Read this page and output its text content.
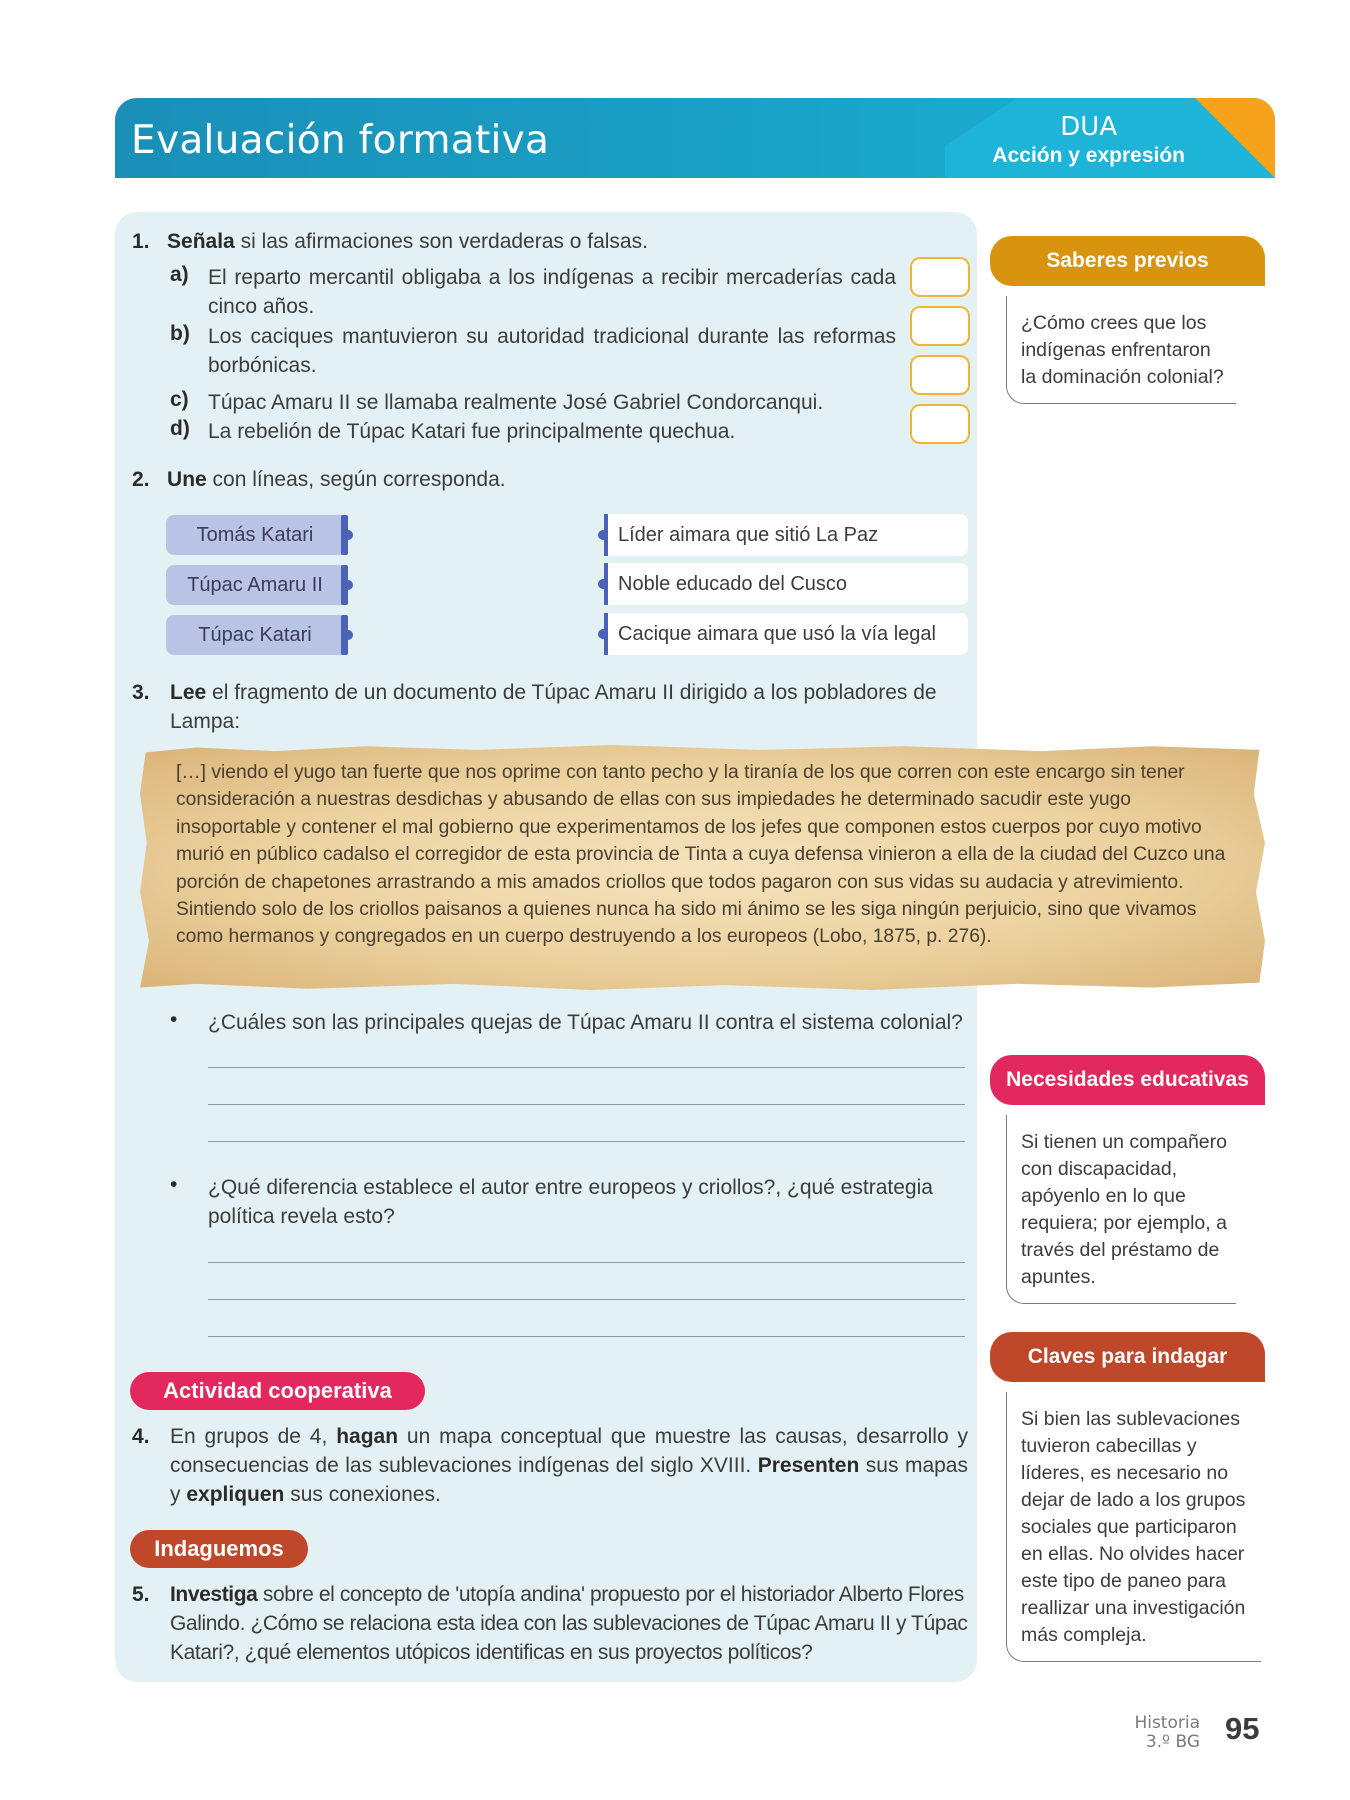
Evaluación formativa	DUA
Acción y expresión
1. Señala si las afirmaciones son verdaderas o falsas.
a) El reparto mercantil obligaba a los indígenas a recibir mercaderías cada cinco años.
b) Los caciques mantuvieron su autoridad tradicional durante las reformas borbónicas.
c) Túpac Amaru II se llamaba realmente José Gabriel Condorcanqui.
d) La rebelión de Túpac Katari fue principalmente quechua.
2. Une con líneas, según corresponda.
Tomás Katari
Túpac Amaru II
Túpac Katari
Líder aimara que sitió La Paz
Noble educado del Cusco
Cacique aimara que usó la vía legal
3. Lee el fragmento de un documento de Túpac Amaru II dirigido a los pobladores de Lampa:
[…] viendo el yugo tan fuerte que nos oprime con tanto pecho y la tiranía de los que corren con este encargo sin tener consideración a nuestras desdichas y abusando de ellas con sus impiedades he determinado sacudir este yugo insoportable y contener el mal gobierno que experimentamos de los jefes que componen estos cuerpos por cuyo motivo murió en público cadalso el corregidor de esta provincia de Tinta a cuya defensa vinieron a ella de la ciudad del Cuzco una porción de chapetones arrastrando a mis amados criollos que todos pagaron con sus vidas su audacia y atrevimiento. Sintiendo solo de los criollos paisanos a quienes nunca ha sido mi ánimo se les siga ningún perjuicio, sino que vivamos como hermanos y congregados en un cuerpo destruyendo a los europeos (Lobo, 1875, p. 276).
• ¿Cuáles son las principales quejas de Túpac Amaru II contra el sistema colonial?
• ¿Qué diferencia establece el autor entre europeos y criollos?, ¿qué estrategia política revela esto?
Actividad cooperativa
4. En grupos de 4, hagan un mapa conceptual que muestre las causas, desarrollo y consecuencias de las sublevaciones indígenas del siglo XVIII. Presenten sus mapas y expliquen sus conexiones.
Indaguemos
5. Investiga sobre el concepto de 'utopía andina' propuesto por el historiador Alberto Flores Galindo. ¿Cómo se relaciona esta idea con las sublevaciones de Túpac Amaru II y Túpac Katari?, ¿qué elementos utópicos identificas en sus proyectos políticos?
Saberes previos
¿Cómo crees que los indígenas enfrentaron la dominación colonial?
Necesidades educativas
Si tienen un compañero con discapacidad, apóyenlo en lo que requiera; por ejemplo, a través del préstamo de apuntes.
Claves para indagar
Si bien las sublevaciones tuvieron cabecillas y líderes, es necesario no dejar de lado a los grupos sociales que participaron en ellas. No olvides hacer este tipo de paneo para reallizar una investigación más compleja.
Historia
3.º BG 95
